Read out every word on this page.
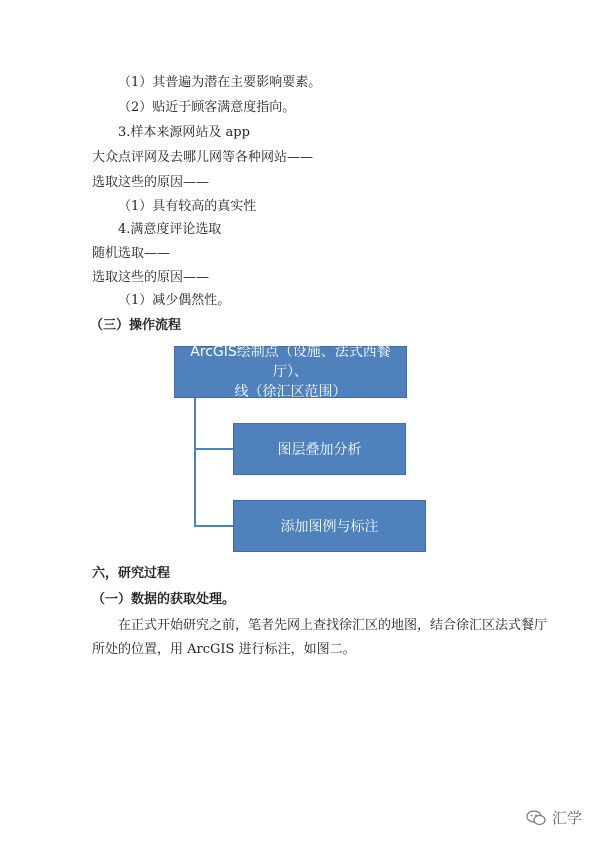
（1）其普遍为潜在主要影响要素。
（2）贴近于顾客满意度指向。
3.样本来源网站及 app
大众点评网及去哪儿网等各种网站——
选取这些的原因——
（1）具有较高的真实性
4.满意度评论选取
随机选取——
选取这些的原因——
（1）减少偶然性。
（三）操作流程
ArcGIS绘制点（设施、法式西餐厅）、
线（徐汇区范围）
图层叠加分析
添加图例与标注
六，研究过程
（一）数据的获取处理。
在正式开始研究之前，笔者先网上查找徐汇区的地图，结合徐汇区法式餐厅
所处的位置，用 ArcGIS 进行标注，如图二。
汇学
